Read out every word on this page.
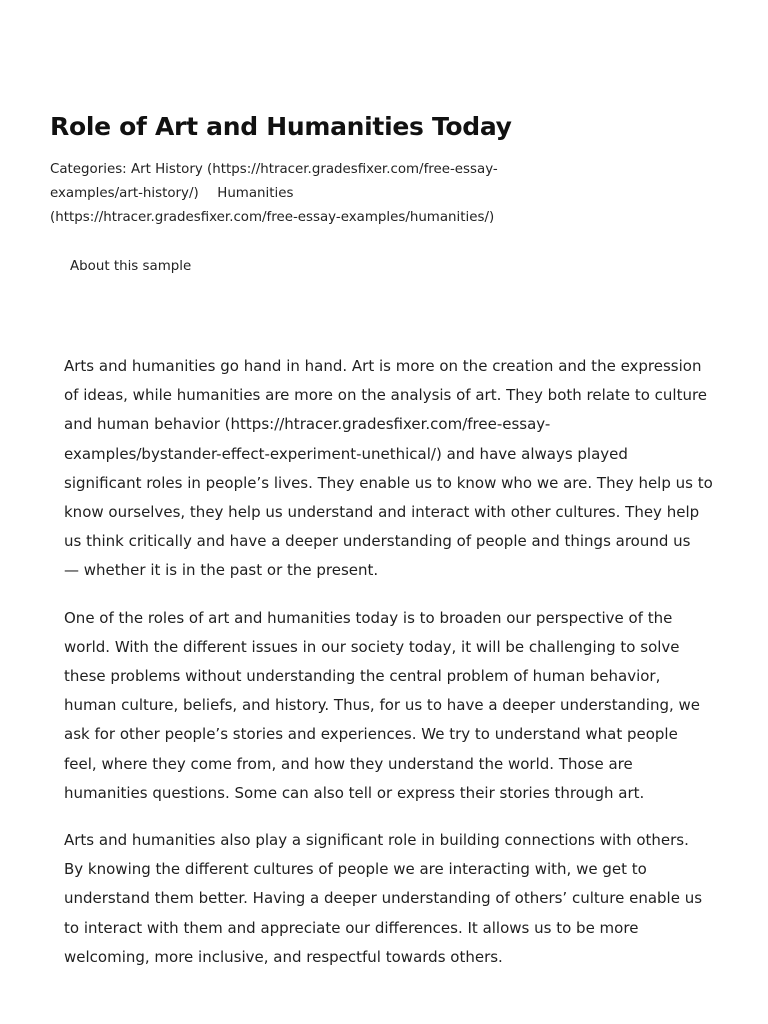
Role of Art and Humanities Today
Categories: Art History (https://htracer.gradesfixer.com/free-essay-
examples/art-history/) Humanities
(https://htracer.gradesfixer.com/free-essay-examples/humanities/)
About this sample

Arts and humanities go hand in hand. Art is more on the creation and the expression
of ideas, while humanities are more on the analysis of art. They both relate to culture
and human behavior (https://htracer.gradesfixer.com/free-essay-
examples/bystander-effect-experiment-unethical/) and have always played
significant roles in people’s lives. They enable us to know who we are. They help us to
know ourselves, they help us understand and interact with other cultures. They help
us think critically and have a deeper understanding of people and things around us
— whether it is in the past or the present.

One of the roles of art and humanities today is to broaden our perspective of the
world. With the different issues in our society today, it will be challenging to solve
these problems without understanding the central problem of human behavior,
human culture, beliefs, and history. Thus, for us to have a deeper understanding, we
ask for other people’s stories and experiences. We try to understand what people
feel, where they come from, and how they understand the world. Those are
humanities questions. Some can also tell or express their stories through art.

Arts and humanities also play a significant role in building connections with others.
By knowing the different cultures of people we are interacting with, we get to
understand them better. Having a deeper understanding of others’ culture enable us
to interact with them and appreciate our differences. It allows us to be more
welcoming, more inclusive, and respectful towards others.
